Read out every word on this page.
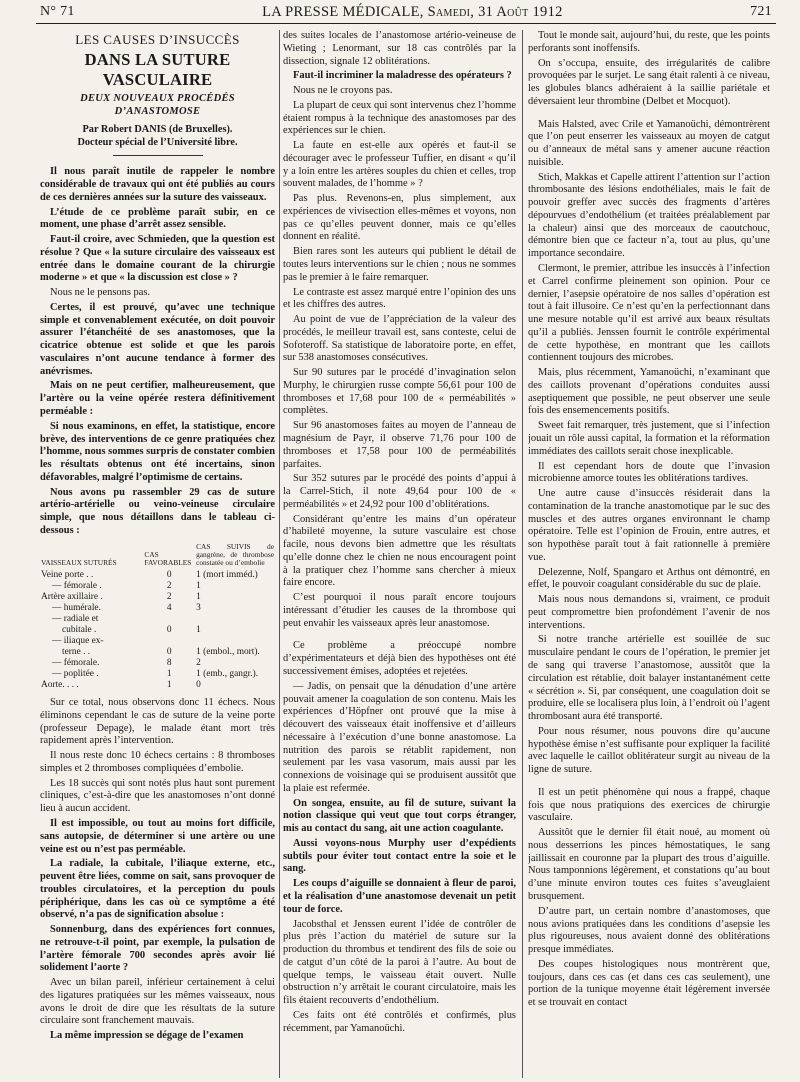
N° 71	LA PRESSE MÉDICALE, Samedi, 31 Août 1912	721

LES CAUSES D’INSUCCÈS

DANS LA SUTURE VASCULAIRE

DEUX NOUVEAUX PROCÉDÉS D’ANASTOMOSE

Par Robert DANIS (de Bruxelles).

Docteur spécial de l’Université libre.

Il nous paraît inutile de rappeler le nombre considérable de travaux qui ont été publiés au cours de ces dernières années sur la suture des vaisseaux.

L’étude de ce problème paraît subir, en ce moment, une phase d’arrêt assez sensible.

Faut-il croire, avec Schmieden, que la question est résolue ? Que « la suture circulaire des vaisseaux est entrée dans le domaine courant de la chirurgie moderne » et que « la discussion est close » ?

Nous ne le pensons pas.

Certes, il est prouvé, qu’avec une technique simple et convenablement exécutée, on doit pouvoir assurer l’étanchéité de ses anastomoses, que la cicatrice obtenue est solide et que les parois vasculaires n’ont aucune tendance à former des anévrismes.

Mais on ne peut certifier, malheureusement, que l’artère ou la veine opérée restera définitivement perméable :

Si nous examinons, en effet, la statistique, encore brève, des interventions de ce genre pratiquées chez l’homme, nous sommes surpris de constater combien les résultats obtenus ont été incertains, sinon défavorables, malgré l’optimisme de certains.

Nous avons pu rassembler 29 cas de suture artério-artérielle ou veino-veineuse circulaire simple, que nous détaillons dans le tableau ci-dessous :

VAISSEAUX SUTURÉS	CAS FAVORABLES	CAS SUIVIS de gangrène, de thrombose constatée ou d’embolie
Veine porte . .	0	1 (mort imméd.)
— fémorale .	2	1
Artère axillaire .	2	1
— humérale.	4	3
— radiale et		
cubitale .	0	1
— iliaque ex-		
terne . .	0	1 (embol., mort).
— fémorale.	8	2
— poplitée .	1	1 (emb., gangr.).
Aorte. . . .	1	0

Sur ce total, nous observons donc 11 échecs. Nous éliminons cependant le cas de suture de la veine porte (professeur Depage), le malade étant mort très rapidement après l’intervention.

Il nous reste donc 10 échecs certains : 8 thromboses simples et 2 thromboses compliquées d’embolie.

Les 18 succès qui sont notés plus haut sont purement cliniques, c’est-à-dire que les anastomoses n’ont donné lieu à aucun accident.

Il est impossible, ou tout au moins fort difficile, sans autopsie, de déterminer si une artère ou une veine est ou n’est pas perméable.

La radiale, la cubitale, l’iliaque externe, etc., peuvent être liées, comme on sait, sans provoquer de troubles circulatoires, et la perception du pouls périphérique, dans les cas où ce symptôme a été observé, n’a pas de signification absolue :

Sonnenburg, dans des expériences fort connues, ne retrouve-t-il point, par exemple, la pulsation de l’artère fémorale 700 secondes après avoir lié solidement l’aorte ?

Avec un bilan pareil, inférieur certainement à celui des ligatures pratiquées sur les mêmes vaisseaux, nous avons le droit de dire que les résultats de la suture circulaire sont franchement mauvais.

La même impression se dégage de l’examen

des suites locales de l’anastomose artério-veineuse de Wieting ; Lenormant, sur 18 cas contrôlés par la dissection, signale 12 oblitérations.

Faut-il incriminer la maladresse des opérateurs ?

Nous ne le croyons pas.

La plupart de ceux qui sont intervenus chez l’homme étaient rompus à la technique des anastomoses par des expériences sur le chien.

La faute en est-elle aux opérés et faut-il se décourager avec le professeur Tuffier, en disant « qu’il y a loin entre les artères souples du chien et celles, trop souvent malades, de l’homme » ?

Pas plus. Revenons-en, plus simplement, aux expériences de vivisection elles-mêmes et voyons, non pas ce qu’elles peuvent donner, mais ce qu’elles donnent en réalité.

Bien rares sont les auteurs qui publient le détail de toutes leurs interventions sur le chien ; nous ne sommes pas le premier à le faire remarquer.

Le contraste est assez marqué entre l’opinion des uns et les chiffres des autres.

Au point de vue de l’appréciation de la valeur des procédés, le meilleur travail est, sans conteste, celui de Sofoteroff. Sa statistique de laboratoire porte, en effet, sur 538 anastomoses consécutives.

Sur 90 sutures par le procédé d’invagination selon Murphy, le chirurgien russe compte 56,61 pour 100 de thromboses et 17,68 pour 100 de « perméabilités » complètes.

Sur 96 anastomoses faites au moyen de l’anneau de magnésium de Payr, il observe 71,76 pour 100 de thromboses et 17,58 pour 100 de perméabilités parfaites.

Sur 352 sutures par le procédé des points d’appui à la Carrel-Stich, il note 49,64 pour 100 de « perméabilités » et 24,92 pour 100 d’oblitérations.

Considérant qu’entre les mains d’un opérateur d’habileté moyenne, la suture vasculaire est chose facile, nous devons bien admettre que les résultats qu’elle donne chez le chien ne nous encouragent point à la pratiquer chez l’homme sans chercher à mieux faire encore.

C’est pourquoi il nous paraît encore toujours intéressant d’étudier les causes de la thrombose qui peut envahir les vaisseaux après leur anastomose.

Ce problème a préoccupé nombre d’expérimentateurs et déjà bien des hypothèses ont été successivement émises, adoptées et rejetées.

— Jadis, on pensait que la dénudation d’une artère pouvait amener la coagulation de son contenu. Mais les expériences d’Höpfner ont prouvé que la mise à découvert des vaisseaux était inoffensive et d’ailleurs nécessaire à l’exécution d’une bonne anastomose. La nutrition des parois se rétablit rapidement, non seulement par les vasa vasorum, mais aussi par les connexions de voisinage qui se produisent aussitôt que la plaie est refermée.

On songea, ensuite, au fil de suture, suivant la notion classique qui veut que tout corps étranger, mis au contact du sang, ait une action coagulante.

Aussi voyons-nous Murphy user d’expédients subtils pour éviter tout contact entre la soie et le sang.

Les coups d’aiguille se donnaient à fleur de paroi, et la réalisation d’une anastomose devenait un petit tour de force.

Jacobsthal et Jenssen eurent l’idée de contrôler de plus près l’action du matériel de suture sur la production du thrombus et tendirent des fils de soie ou de catgut d’un côté de la paroi à l’autre. Au bout de quelque temps, le vaisseau était ouvert. Nulle obstruction n’y arrêtait le courant circulatoire, mais les fils étaient recouverts d’endothélium.

Ces faits ont été contrôlés et confirmés, plus récemment, par Yamanoüchi.

Tout le monde sait, aujourd’hui, du reste, que les points perforants sont inoffensifs.

On s’occupa, ensuite, des irrégularités de calibre provoquées par le surjet. Le sang était ralenti à ce niveau, les globules blancs adhéraient à la saillie pariétale et déversaient leur thrombine (Delbet et Mocquot).

Mais Halsted, avec Crile et Yamanoüchi, démontrèrent que l’on peut enserrer les vaisseaux au moyen de catgut ou d’anneaux de métal sans y amener aucune réaction nuisible.

Stich, Makkas et Capelle attirent l’attention sur l’action thrombosante des lésions endothéliales, mais le fait de pouvoir greffer avec succès des fragments d’artères dépourvues d’endothélium (et traitées préalablement par la chaleur) ainsi que des morceaux de caoutchouc, démontre bien que ce facteur n’a, tout au plus, qu’une importance secondaire.

Clermont, le premier, attribue les insuccès à l’infection et Carrel confirme pleinement son opinion. Pour ce dernier, l’asepsie opératoire de nos salles d’opération est tout à fait illusoire. Ce n’est qu’en la perfectionnant dans une mesure notable qu’il est arrivé aux beaux résultats qu’il a publiés. Jenssen fournit le contrôle expérimental de cette hypothèse, en montrant que les caillots contiennent toujours des microbes.

Mais, plus récemment, Yamanoüchi, n’examinant que des caillots provenant d’opérations conduites aussi aseptiquement que possible, ne peut observer une seule fois des ensemencements positifs.

Sweet fait remarquer, très justement, que si l’infection jouait un rôle aussi capital, la formation et la réformation immédiates des caillots serait chose inexplicable.

Il est cependant hors de doute que l’invasion microbienne amorce toutes les oblitérations tardives.

Une autre cause d’insuccès résiderait dans la contamination de la tranche anastomotique par le suc des muscles et des autres organes environnant le champ opératoire. Telle est l’opinion de Frouin, entre autres, et son hypothèse paraît tout à fait rationnelle à première vue.

Delezenne, Nolf, Spangaro et Arthus ont démontré, en effet, le pouvoir coagulant considérable du suc de plaie.

Mais nous nous demandons si, vraiment, ce produit peut compromettre bien profondément l’avenir de nos interventions.

Si notre tranche artérielle est souillée de suc musculaire pendant le cours de l’opération, le premier jet de sang qui traverse l’anastomose, aussitôt que la circulation est rétablie, doit balayer instantanément cette « sécrétion ». Si, par conséquent, une coagulation doit se produire, elle se localisera plus loin, à l’endroit où l’agent thrombosant aura été transporté.

Pour nous résumer, nous pouvons dire qu’aucune hypothèse émise n’est suffisante pour expliquer la facilité avec laquelle le caillot oblitérateur surgit au niveau de la ligne de suture.

Il est un petit phénomène qui nous a frappé, chaque fois que nous pratiquions des exercices de chirurgie vasculaire.

Aussitôt que le dernier fil était noué, au moment où nous desserrions les pinces hémostatiques, le sang jaillissait en couronne par la plupart des trous d’aiguille. Nous tamponnions légèrement, et constations qu’au bout d’une minute environ toutes ces fuites s’aveuglaient brusquement.

D’autre part, un certain nombre d’anastomoses, que nous avions pratiquées dans les conditions d’asepsie les plus rigoureuses, nous avaient donné des oblitérations presque immédiates.

Des coupes histologiques nous montrèrent que, toujours, dans ces cas (et dans ces cas seulement), une portion de la tunique moyenne était légèrement inversée et se trouvait en contact
